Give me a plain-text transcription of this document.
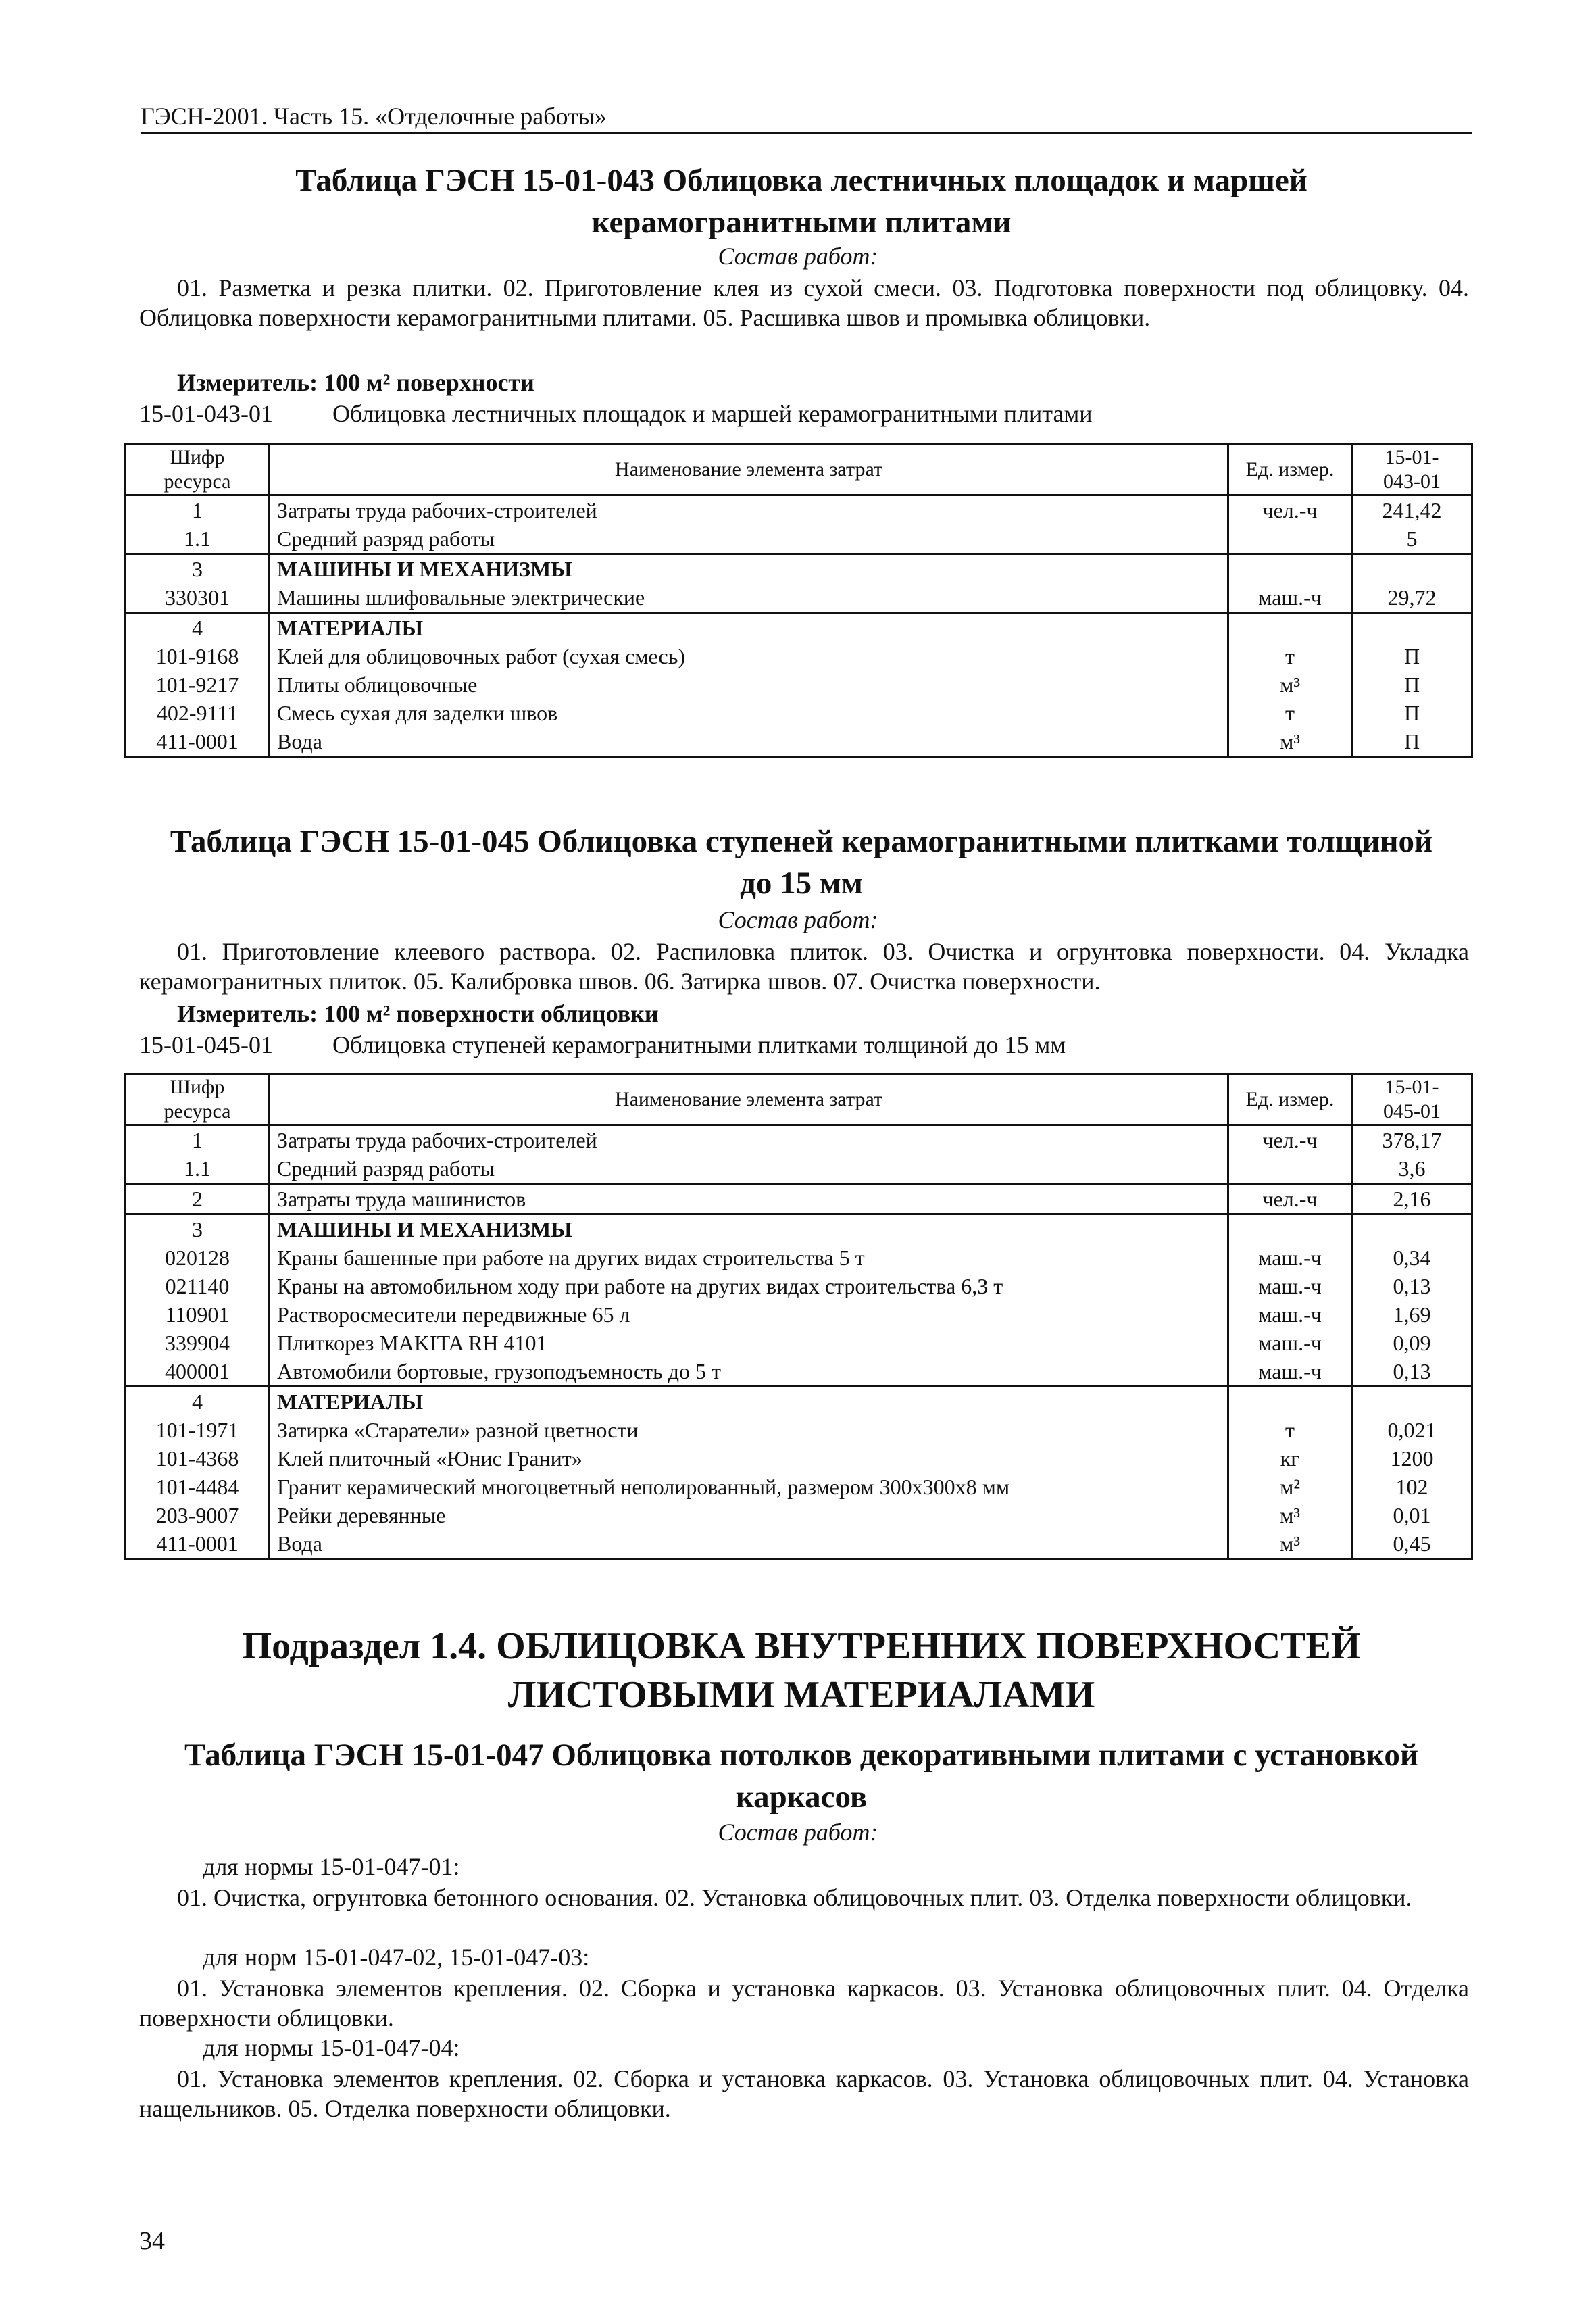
ГЭСН-2001. Часть 15. «Отделочные работы»
Таблица ГЭСН 15-01-043 Облицовка лестничных площадок и маршей
керамогранитными плитами
Состав работ:
01. Разметка и резка плитки. 02. Приготовление клея из сухой смеси. 03. Подготовка поверхности под облицовку. 04. Облицовка поверхности керамогранитными плитами. 05. Расшивка швов и промывка облицовки.
Измеритель: 100 м² поверхности
15-01-043-01 Облицовка лестничных площадок и маршей керамогранитными плитами
Шифр
ресурса	Наименование элемента затрат	Ед. измер.	15-01-
043-01
1	Затраты труда рабочих-строителей	чел.-ч	241,42
1.1	Средний разряд работы		5
3	МАШИНЫ И МЕХАНИЗМЫ		
330301	Машины шлифовальные электрические	маш.-ч	29,72
4	МАТЕРИАЛЫ		
101-9168	Клей для облицовочных работ (сухая смесь)	т	П
101-9217	Плиты облицовочные	м³	П
402-9111	Смесь сухая для заделки швов	т	П
411-0001	Вода	м³	П
Таблица ГЭСН 15-01-045 Облицовка ступеней керамогранитными плитками толщиной
до 15 мм
Состав работ:
01. Приготовление клеевого раствора. 02. Распиловка плиток. 03. Очистка и огрунтовка поверхности. 04. Укладка керамогранитных плиток. 05. Калибровка швов. 06. Затирка швов. 07. Очистка поверхности.
Измеритель: 100 м² поверхности облицовки
15-01-045-01 Облицовка ступеней керамогранитными плитками толщиной до 15 мм
Шифр
ресурса	Наименование элемента затрат	Ед. измер.	15-01-
045-01
1	Затраты труда рабочих-строителей	чел.-ч	378,17
1.1	Средний разряд работы		3,6
2	Затраты труда машинистов	чел.-ч	2,16
3	МАШИНЫ И МЕХАНИЗМЫ		
020128	Краны башенные при работе на других видах строительства 5 т	маш.-ч	0,34
021140	Краны на автомобильном ходу при работе на других видах строительства 6,3 т	маш.-ч	0,13
110901	Растворосмесители передвижные 65 л	маш.-ч	1,69
339904	Плиткорез MAKITA RH 4101	маш.-ч	0,09
400001	Автомобили бортовые, грузоподъемность до 5 т	маш.-ч	0,13
4	МАТЕРИАЛЫ		
101-1971	Затирка «Старатели» разной цветности	т	0,021
101-4368	Клей плиточный «Юнис Гранит»	кг	1200
101-4484	Гранит керамический многоцветный неполированный, размером 300х300х8 мм	м²	102
203-9007	Рейки деревянные	м³	0,01
411-0001	Вода	м³	0,45
Подраздел 1.4. ОБЛИЦОВКА ВНУТРЕННИХ ПОВЕРХНОСТЕЙ
ЛИСТОВЫМИ МАТЕРИАЛАМИ
Таблица ГЭСН 15-01-047 Облицовка потолков декоративными плитами с установкой
каркасов
Состав работ:
для нормы 15-01-047-01:
01. Очистка, огрунтовка бетонного основания. 02. Установка облицовочных плит. 03. Отделка поверхности облицовки.
для норм 15-01-047-02, 15-01-047-03:
01. Установка элементов крепления. 02. Сборка и установка каркасов. 03. Установка облицовочных плит. 04. Отделка поверхности облицовки.
для нормы 15-01-047-04:
01. Установка элементов крепления. 02. Сборка и установка каркасов. 03. Установка облицовочных плит. 04. Установка нащельников. 05. Отделка поверхности облицовки.
34
